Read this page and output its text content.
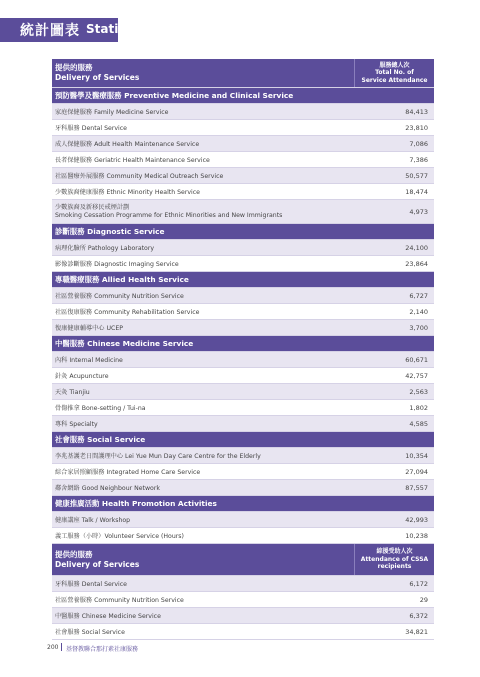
統計圖表 Statistics
提供的服務
Delivery of Services
服務總人次
Total No. of
Service Attendance
預防醫學及醫療服務 Preventive Medicine and Clinical Service
家庭保健服務 Family Medicine Service	84,413
牙科服務 Dental Service	23,810
成人保健服務 Adult Health Maintenance Service	7,086
長者保健服務 Geriatric Health Maintenance Service	7,386
社區醫療外展服務 Community Medical Outreach Service	50,577
少數族裔健康服務 Ethnic Minority Health Service	18,474
少數族裔及新移民戒煙計劃
Smoking Cessation Programme for Ethnic Minorities and New Immigrants	4,973
診斷服務 Diagnostic Service
病理化驗所 Pathology Laboratory	24,100
影像診斷服務 Diagnostic Imaging Service	23,864
專職醫療服務 Allied Health Service
社區營養服務 Community Nutrition Service	6,727
社區復康服務 Community Rehabilitation Service	2,140
復康健康輔導中心 UCEP	3,700
中醫服務 Chinese Medicine Service
內科 Internal Medicine	60,671
針灸 Acupuncture	42,757
天灸 Tianjiu	2,563
骨傷推拿 Bone-setting / Tui-na	1,802
專科 Specialty	4,585
社會服務 Social Service
李兆基護老日間護理中心 Lei Yue Mun Day Care Centre for the Elderly	10,354
綜合家居照顧服務 Integrated Home Care Service	27,094
鄰舍網絡 Good Neighbour Network	87,557
健康推廣活動 Health Promotion Activities
健康講座 Talk / Workshop	42,993
義工服務（小時）Volunteer Service (Hours)	10,238
提供的服務
Delivery of Services
綜援受助人次
Attendance of CSSA
recipients
牙科服務 Dental Service	6,172
社區營養服務 Community Nutrition Service	29
中醫服務 Chinese Medicine Service	6,372
社會服務 Social Service	34,821
200 基督教聯合那打素社康服務
